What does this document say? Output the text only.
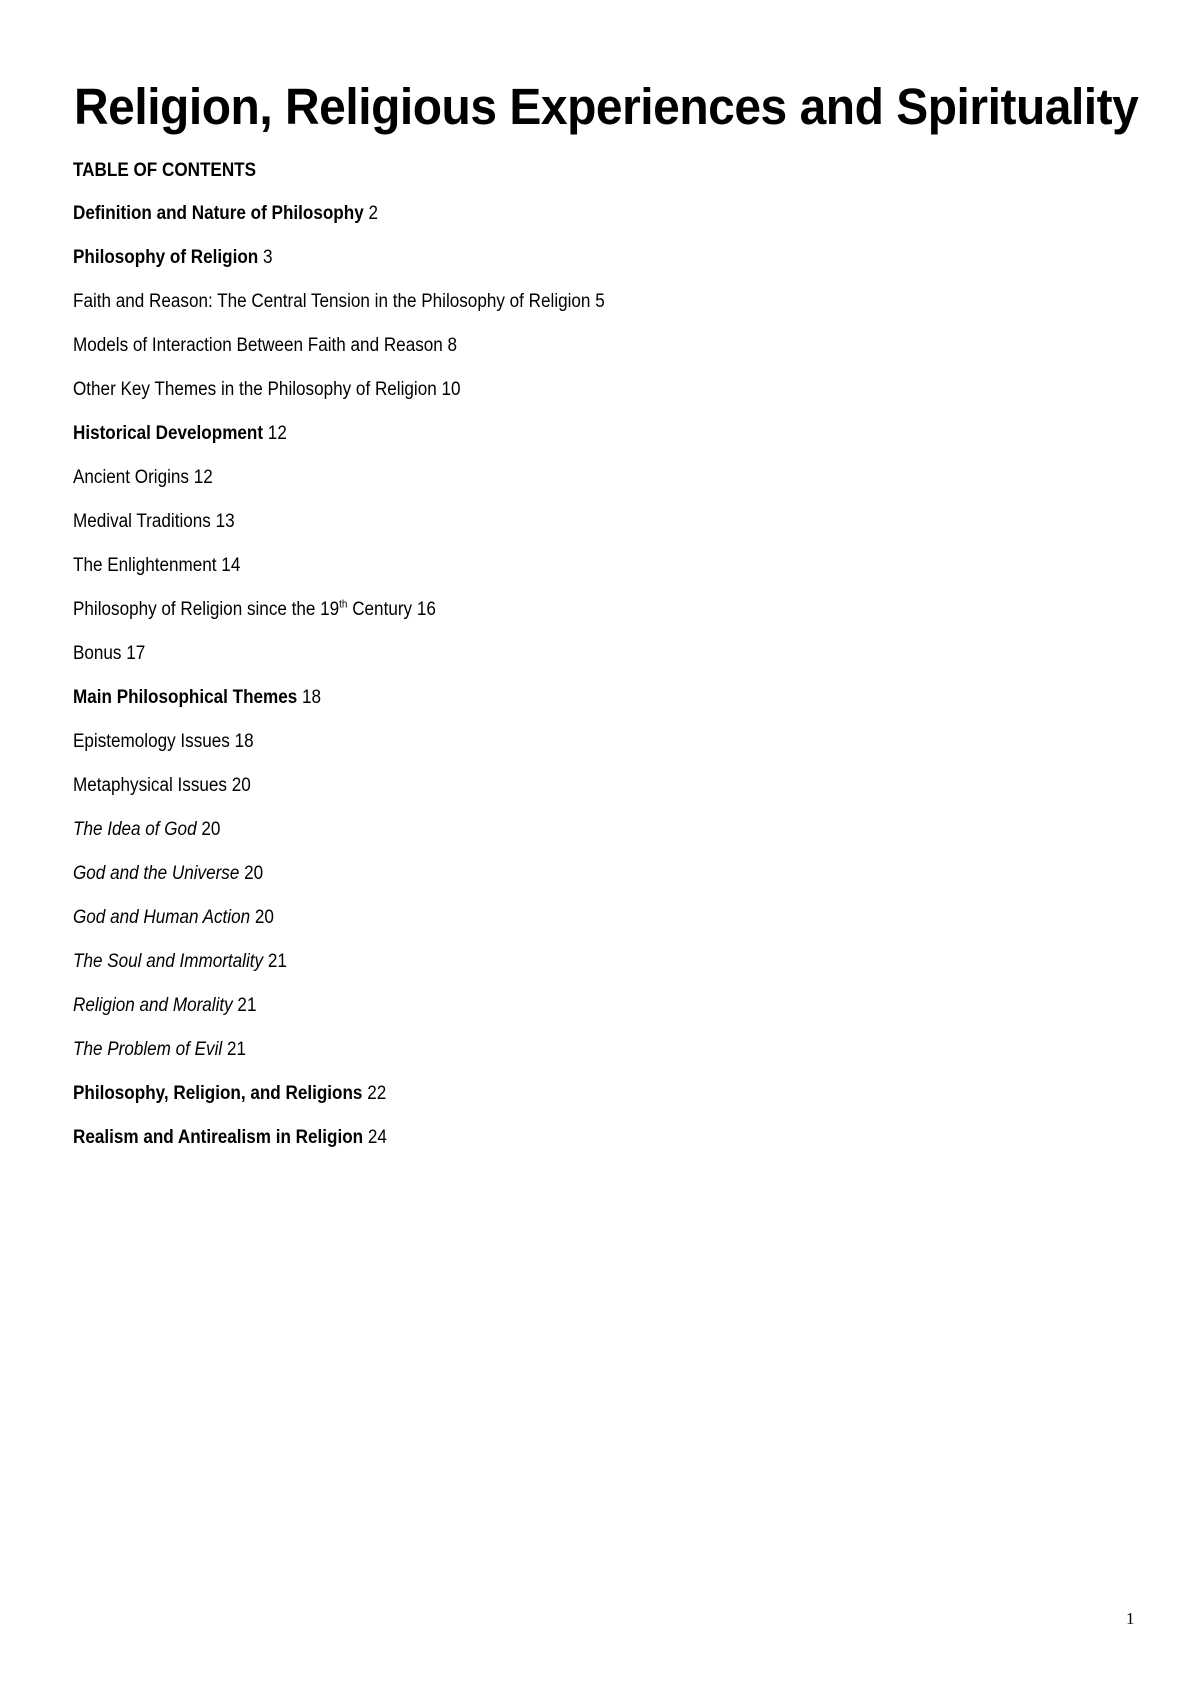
Religion, Religious Experiences and Spirituality
TABLE OF CONTENTS
Definition and Nature of Philosophy 2
Philosophy of Religion 3
Faith and Reason: The Central Tension in the Philosophy of Religion 5
Models of Interaction Between Faith and Reason 8
Other Key Themes in the Philosophy of Religion 10
Historical Development 12
Ancient Origins 12
Medival Traditions 13
The Enlightenment 14
Philosophy of Religion since the 19th Century 16
Bonus 17
Main Philosophical Themes 18
Epistemology Issues 18
Metaphysical Issues 20
The Idea of God 20
God and the Universe 20
God and Human Action 20
The Soul and Immortality 21
Religion and Morality 21
The Problem of Evil 21
Philosophy, Religion, and Religions 22
Realism and Antirealism in Religion 24
1
